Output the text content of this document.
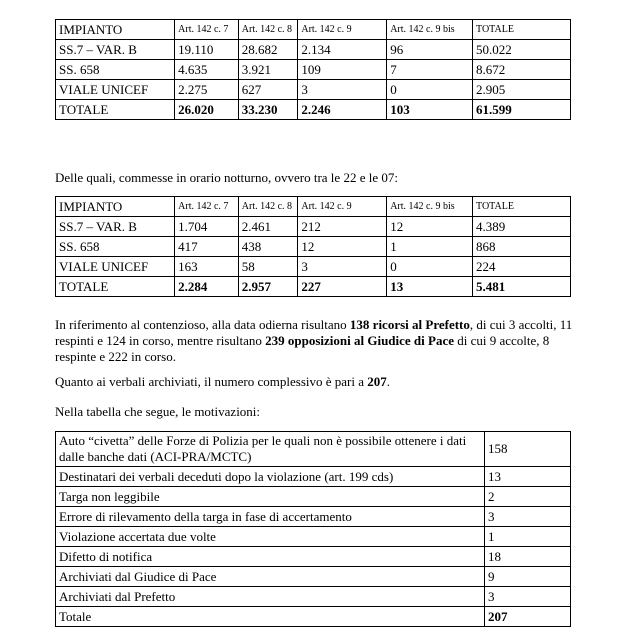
IMPIANTO	Art. 142 c. 7	Art. 142 c. 8	Art. 142 c. 9	Art. 142 c. 9 bis	TOTALE
SS.7 – VAR. B	19.110	28.682	2.134	96	50.022
SS. 658	4.635	3.921	109	7	8.672
VIALE UNICEF	2.275	627	3	0	2.905
TOTALE	26.020	33.230	2.246	103	61.599

Delle quali, commesse in orario notturno, ovvero tra le 22 e le 07:

IMPIANTO	Art. 142 c. 7	Art. 142 c. 8	Art. 142 c. 9	Art. 142 c. 9 bis	TOTALE
SS.7 – VAR. B	1.704	2.461	212	12	4.389
SS. 658	417	438	12	1	868
VIALE UNICEF	163	58	3	0	224
TOTALE	2.284	2.957	227	13	5.481

In riferimento al contenzioso, alla data odierna risultano 138 ricorsi al Prefetto, di cui 3 accolti, 11 respinti e 124 in corso, mentre risultano 239 opposizioni al Giudice di Pace di cui 9 accolte, 8 respinte e 222 in corso.

Quanto ai verbali archiviati, il numero complessivo è pari a 207.

Nella tabella che segue, le motivazioni:

Auto “civetta” delle Forze di Polizia per le quali non è possibile ottenere i dati dalle banche dati (ACI-PRA/MCTC)	158
Destinatari dei verbali deceduti dopo la violazione (art. 199 cds)	13
Targa non leggibile	2
Errore di rilevamento della targa in fase di accertamento	3
Violazione accertata due volte	1
Difetto di notifica	18
Archiviati dal Giudice di Pace	9
Archiviati dal Prefetto	3
Totale	207
